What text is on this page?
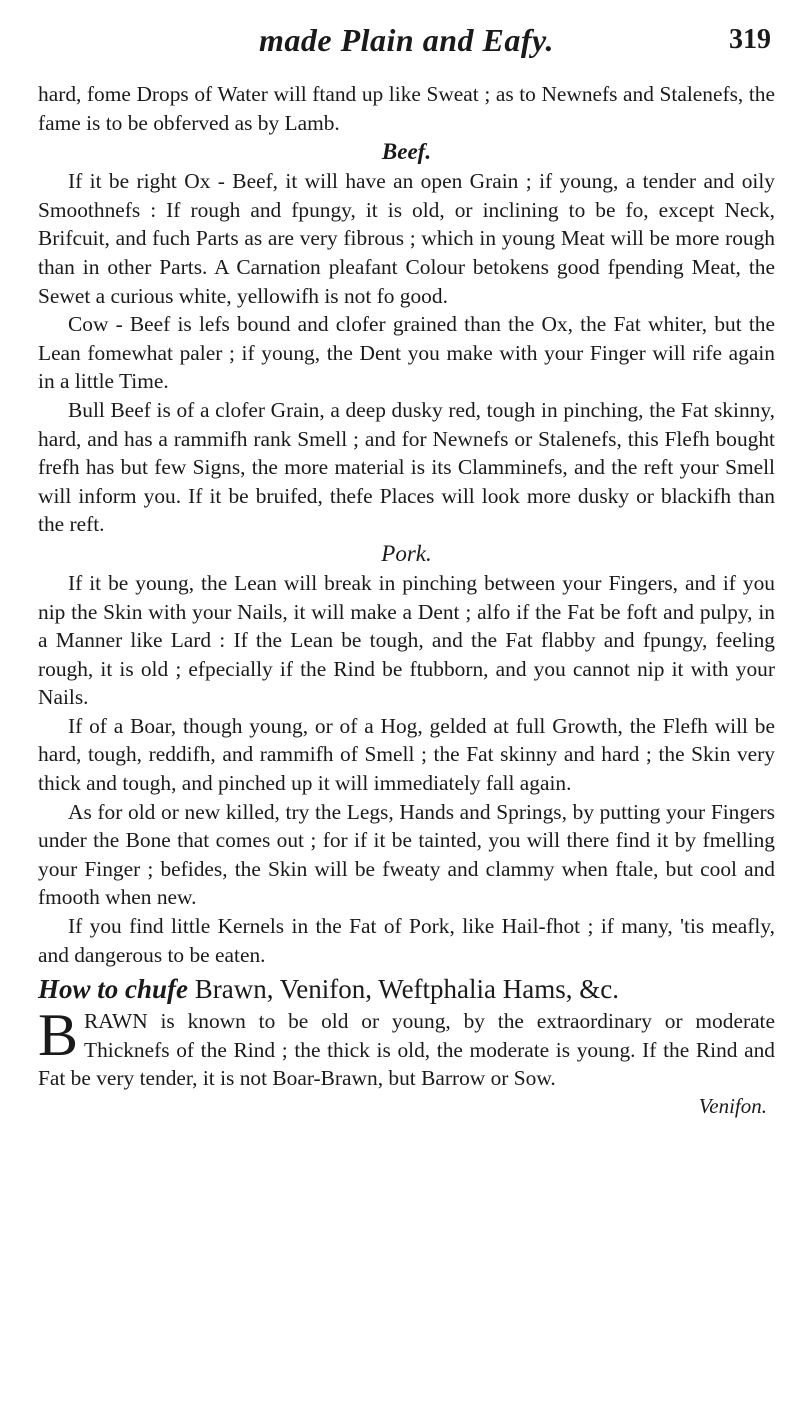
made Plain and Eafy.	319

hard, fome Drops of Water will ftand up like Sweat ; as to Newnefs and Stalenefs, the fame is to be obferved as by Lamb.

Beef.

If it be right Ox - Beef, it will have an open Grain ; if young, a tender and oily Smoothnefs : If rough and fpungy, it is old, or inclining to be fo, except Neck, Brifcuit, and fuch Parts as are very fibrous ; which in young Meat will be more rough than in other Parts. A Carnation pleafant Colour betokens good fpending Meat, the Sewet a curious white, yellowifh is not fo good.

Cow - Beef is lefs bound and clofer grained than the Ox, the Fat whiter, but the Lean fomewhat paler ; if young, the Dent you make with your Finger will rife again in a little Time.

Bull Beef is of a clofer Grain, a deep dusky red, tough in pinching, the Fat skinny, hard, and has a rammifh rank Smell ; and for Newnefs or Stalenefs, this Flefh bought frefh has but few Signs, the more material is its Clamminefs, and the reft your Smell will inform you. If it be bruifed, thefe Places will look more dusky or blackifh than the reft.

Pork.

If it be young, the Lean will break in pinching between your Fingers, and if you nip the Skin with your Nails, it will make a Dent ; alfo if the Fat be foft and pulpy, in a Manner like Lard : If the Lean be tough, and the Fat flabby and fpungy, feeling rough, it is old ; efpecially if the Rind be ftubborn, and you cannot nip it with your Nails.

If of a Boar, though young, or of a Hog, gelded at full Growth, the Flefh will be hard, tough, reddifh, and rammifh of Smell ; the Fat skinny and hard ; the Skin very thick and tough, and pinched up it will immediately fall again.

As for old or new killed, try the Legs, Hands and Springs, by putting your Fingers under the Bone that comes out ; for if it be tainted, you will there find it by fmelling your Finger ; befides, the Skin will be fweaty and clammy when ftale, but cool and fmooth when new.

If you find little Kernels in the Fat of Pork, like Hail-fhot ; if many, 'tis meafly, and dangerous to be eaten.

How to chufe Brawn, Venifon, Weftphalia Hams, &c.

BRAWN is known to be old or young, by the extraordinary or moderate Thicknefs of the Rind ; the thick is old, the moderate is young. If the Rind and Fat be very tender, it is not Boar-Brawn, but Barrow or Sow.

Venifon.
